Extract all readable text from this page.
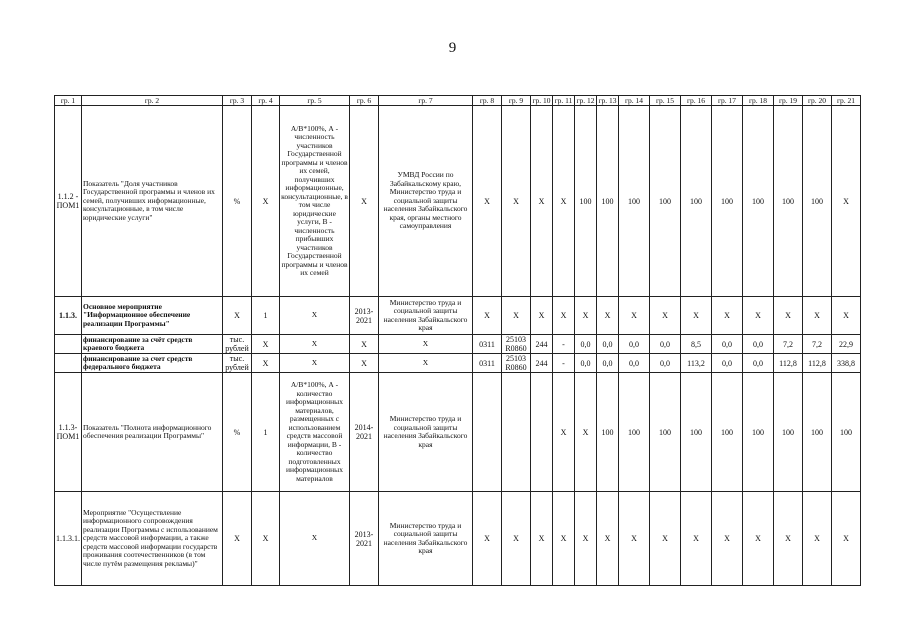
9
гр. 1	гр. 2	гр. 3	гр. 4	гр. 5	гр. 6	гр. 7	гр. 8	гр. 9	гр. 10	гр. 11	гр. 12	гр. 13	гр. 14	гр. 15	гр. 16	гр. 17	гр. 18	гр. 19	гр. 20	гр. 21
1.1.2 - ПОМ1	Показатель "Доля участников Государственной программы и членов их семей, получивших информационные, консультационные, в том числе юридические услуги"	%	X	А/В*100%, А - численность участников Государственной программы и членов их семей, получивших информационные, консультационные, в том числе юридические услуги, В - численность прибывших участников Государственной программы и членов их семей	X	УМВД России по Забайкальскому краю, Министерство труда и социальной защиты населения Забайкальского края, органы местного самоуправления	X	X	X	X	100	100	100	100	100	100	100	100	100	X
1.1.3.	Основное мероприятие "Информационное обеспечение реализации Программы"	X	1	X	2013-2021	Министерство труда и социальной защиты населения Забайкальского края	X	X	X	X	X	X	X	X	X	X	X	X	X	X
	финансирование за счёт средств краевого бюджета	тыс. рублей	X	X	X	X	0311	25103 R0860	244	-	0,0	0,0	0,0	0,0	8,5	0,0	0,0	7,2	7,2	22,9
	финансирование за счет средств федерального бюджета	тыс. рублей	X	X	X	X	0311	25103 R0860	244	-	0,0	0,0	0,0	0,0	113,2	0,0	0,0	112,8	112,8	338,8
1.1.3-ПОМ1	Показатель "Полнота информационного обеспечения реализации Программы"	%	1	А/В*100%, А - количество информационных материалов, размещенных с использованием средств массовой информации, В - количество подготовленных информационных материалов	2014-2021	Министерство труда и социальной защиты населения Забайкальского края				X	X	100	100	100	100	100	100	100	100	100
1.1.3.1.	Мероприятие "Осуществление информационного сопровождения реализации Программы с использованием средств массовой информации, а также средств массовой информации государств проживания соотечественников (в том числе путём размещения рекламы)"	X	X	X	2013-2021	Министерство труда и социальной защиты населения Забайкальского края	X	X	X	X	X	X	X	X	X	X	X	X	X	X
